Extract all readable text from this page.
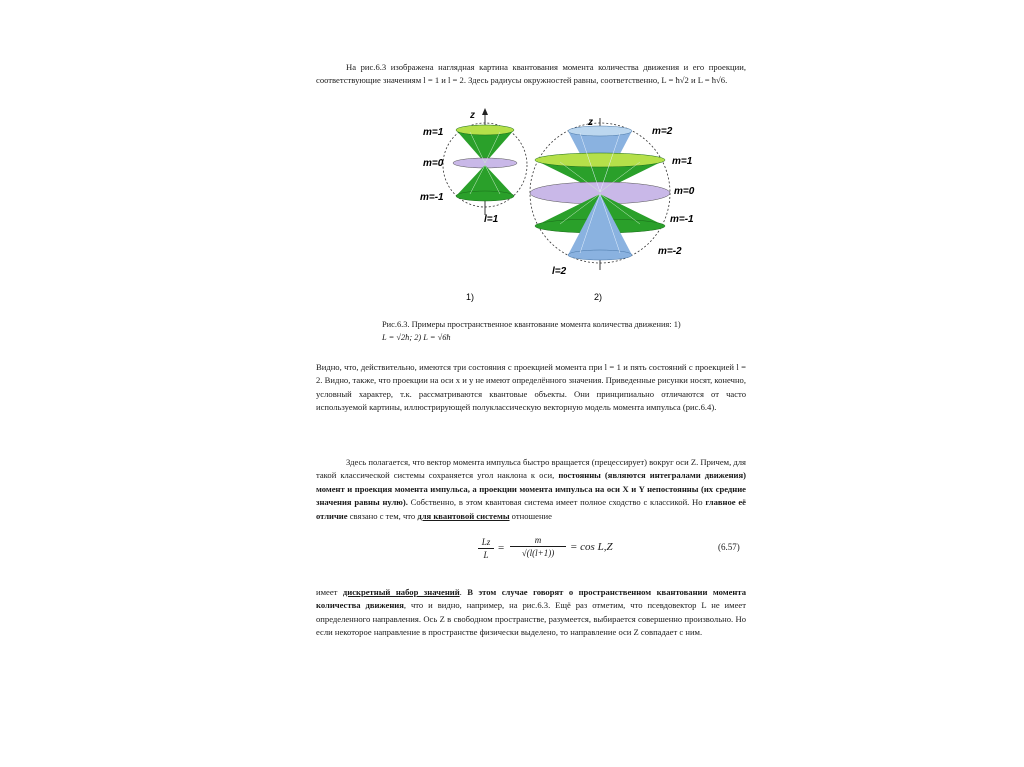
На рис.6.3 изображена наглядная картина квантования момента количества движения и его проекции, соответствующие значениям l = 1 и l = 2. Здесь радиусы окружностей равны, соответственно, L = ħ√2 и L = ħ√6.

z
m=1
m=0
m=-1
l=1
z
m=2
m=1
m=0
m=-1
m=-2
l=2
1)	2)
Рис.6.3. Примеры пространственное квантование момента количества движения: 1)
L = √2ħ; 2) L = √6ħ

Видно, что, действительно, имеются три состояния с проекцией момента при l = 1 и пять состояний с проекцией l = 2. Видно, также, что проекции на оси x и y не имеют определённого значения. Приведенные рисунки носят, конечно, условный характер, т.к. рассматриваются квантовые объекты. Они принципиально отличаются от часто используемой картины, иллюстрирующей полуклассическую векторную модель момента импульса (рис.6.4).

Здесь полагается, что вектор момента импульса быстро вращается (прецессирует) вокруг оси Z. Причем, для такой классической системы сохраняется угол наклона к оси, постоянны (являются интегралами движения) момент и проекция момента импульса, а проекции момента импульса на оси X и Y непостоянны (их средние значения равны нулю). Собственно, в этом квантовая система имеет полное сходство с классикой. Но главное её отличие связано с тем, что для квантовой системы отношение

$\frac{Lz}{L} = \frac{m}{√(l(l+1))} = \cos L,Z$	(6.57)

имеет дискретный набор значений. В этом случае говорят о пространственном квантовании момента количества движения, что и видно, например, на рис.6.3. Ещё раз отметим, что псевдовектор L не имеет определенного направления. Ось Z в свободном пространстве, разумеется, выбирается совершенно произвольно. Но если некоторое направление в пространстве физически выделено, то направление оси Z совпадает с ним.
